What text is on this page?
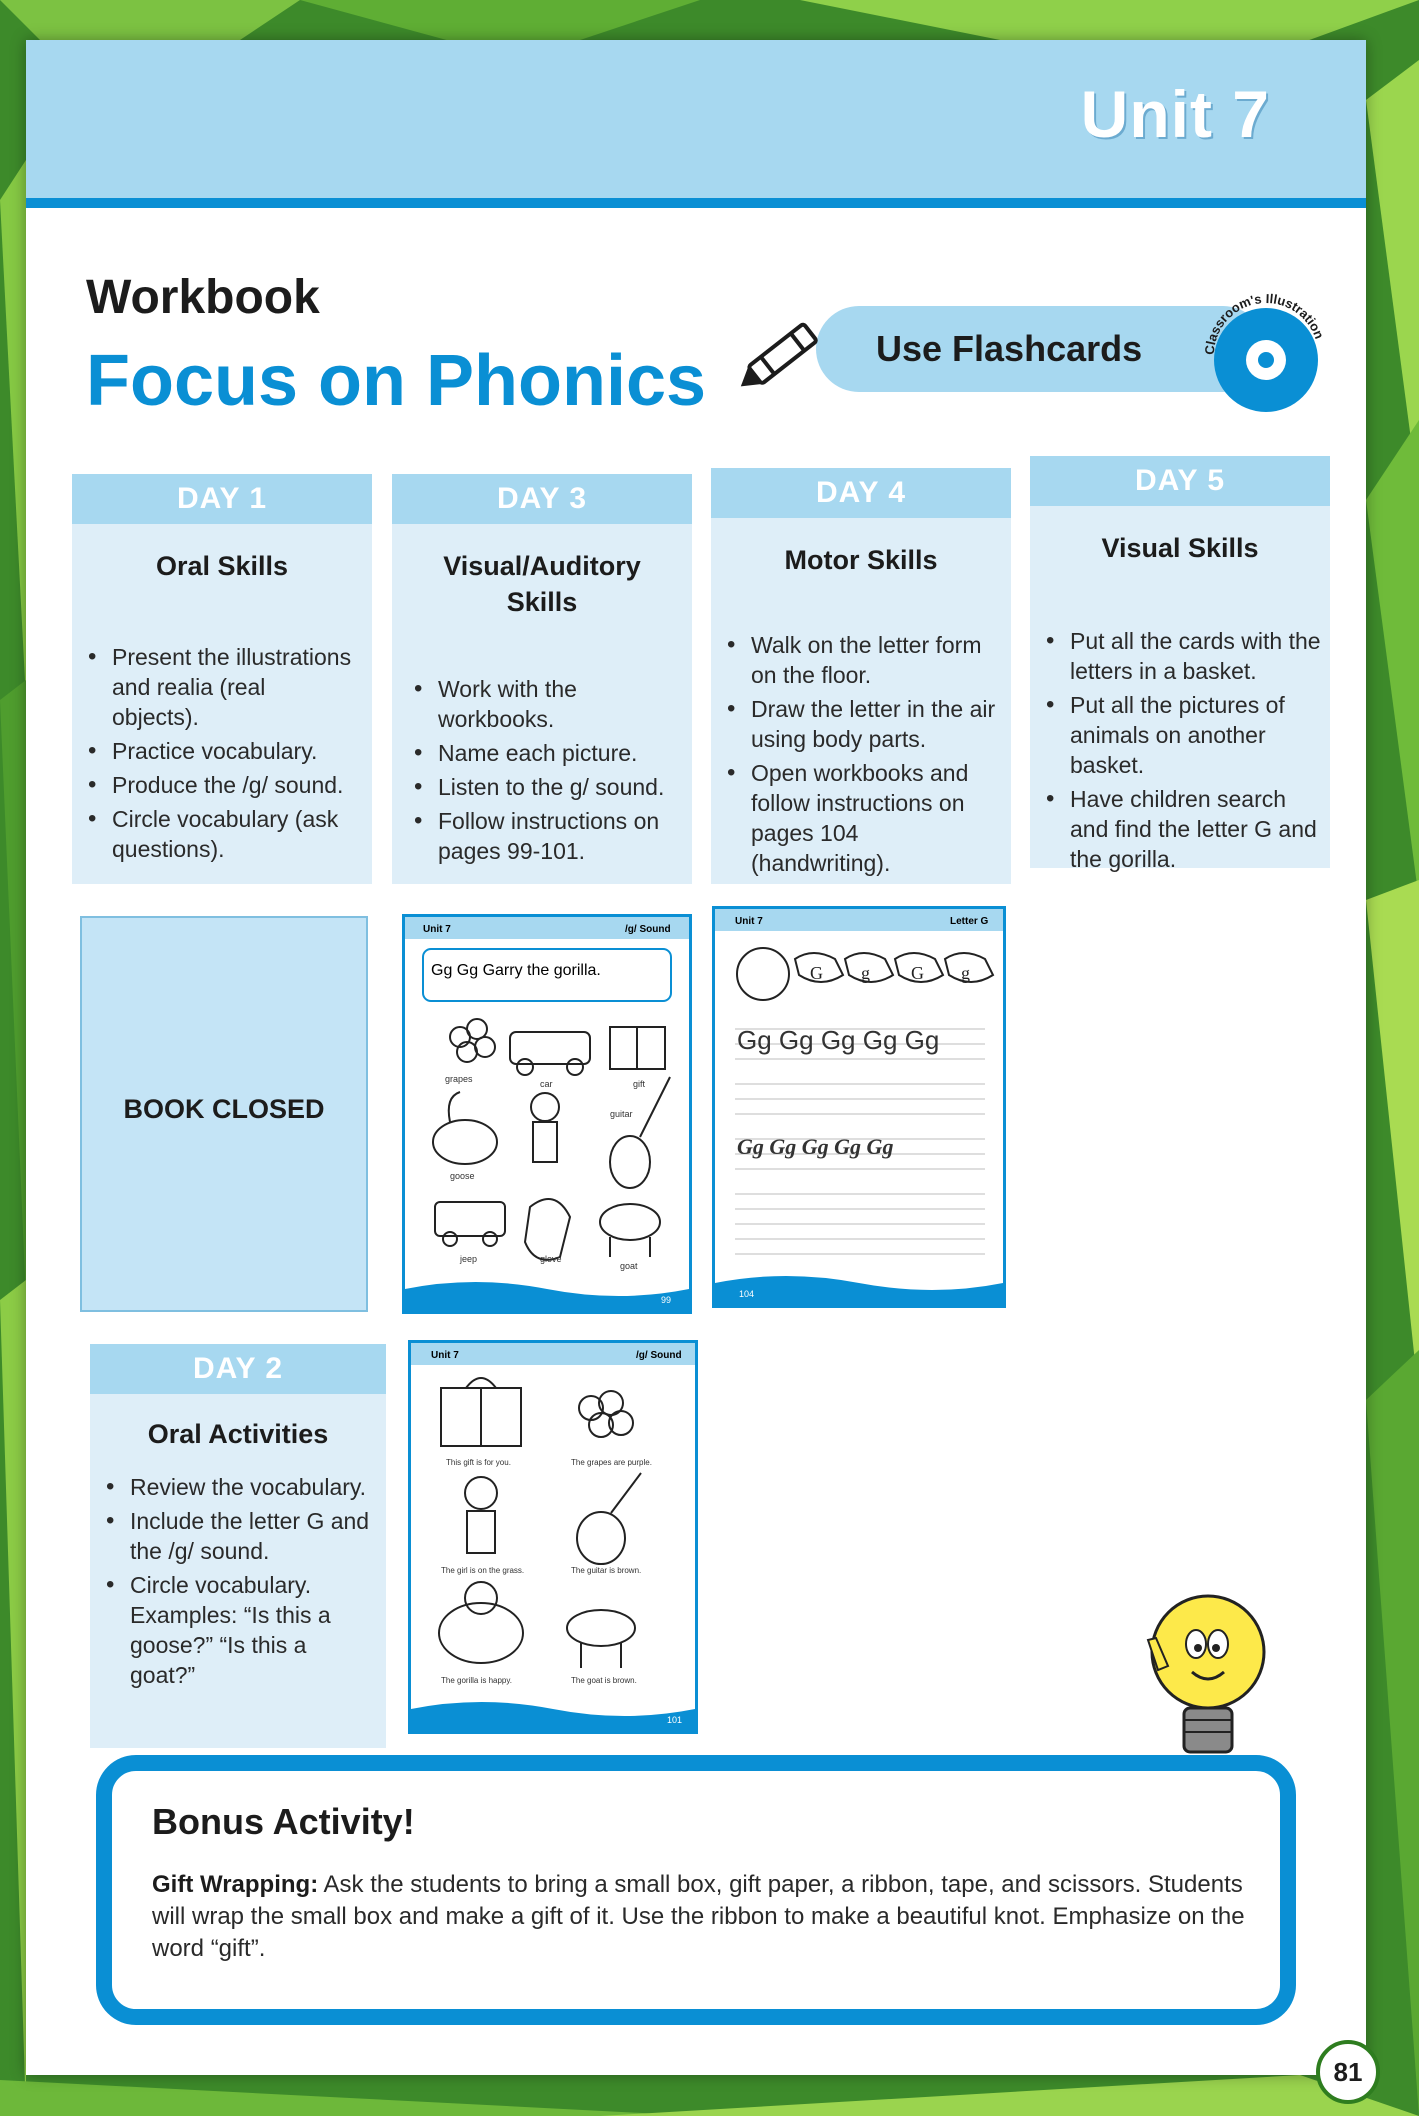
Unit 7
Workbook
Focus on Phonics	Use Flashcards	Classroom's Illustration
DAY 1
Oral Skills
• Present the illustrations and realia (real objects).
• Practice vocabulary.
• Produce the /g/ sound.
• Circle vocabulary (ask questions).
DAY 3
Visual/Auditory Skills
• Work with the workbooks.
• Name each picture.
• Listen to the g/ sound.
• Follow instructions on pages 99-101.
DAY 4
Motor Skills
• Walk on the letter form on the floor.
• Draw the letter in the air using body parts.
• Open workbooks and follow instructions on pages 104 (handwriting).
DAY 5
Visual Skills
• Put all the cards with the letters in a basket.
• Put all the pictures of animals on another basket.
• Have children search and find the letter G and the gorilla.
BOOK CLOSED
Unit 7	/g/ Sound
Gg Gg Garry the gorilla.
grapes	car	gift
goose
guitar
jeep	glove
goat
99
Unit 7	Letter G
G g G g
Gg Gg Gg Gg Gg
Gg Gg Gg Gg Gg
104
DAY 2
Oral Activities
• Review the vocabulary.
• Include the letter G and the /g/ sound.
• Circle vocabulary. Examples: “Is this a goose?” “Is this a goat?”
Unit 7	/g/ Sound
This gift is for you.	The grapes are purple.
The girl is on the grass.	The guitar is brown.
The gorilla is happy.	The goat is brown.
101
Bonus Activity!
Gift Wrapping: Ask the students to bring a small box, gift paper, a ribbon, tape, and scissors. Students will wrap the small box and make a gift of it. Use the ribbon to make a beautiful knot. Emphasize on the word “gift”.
81
